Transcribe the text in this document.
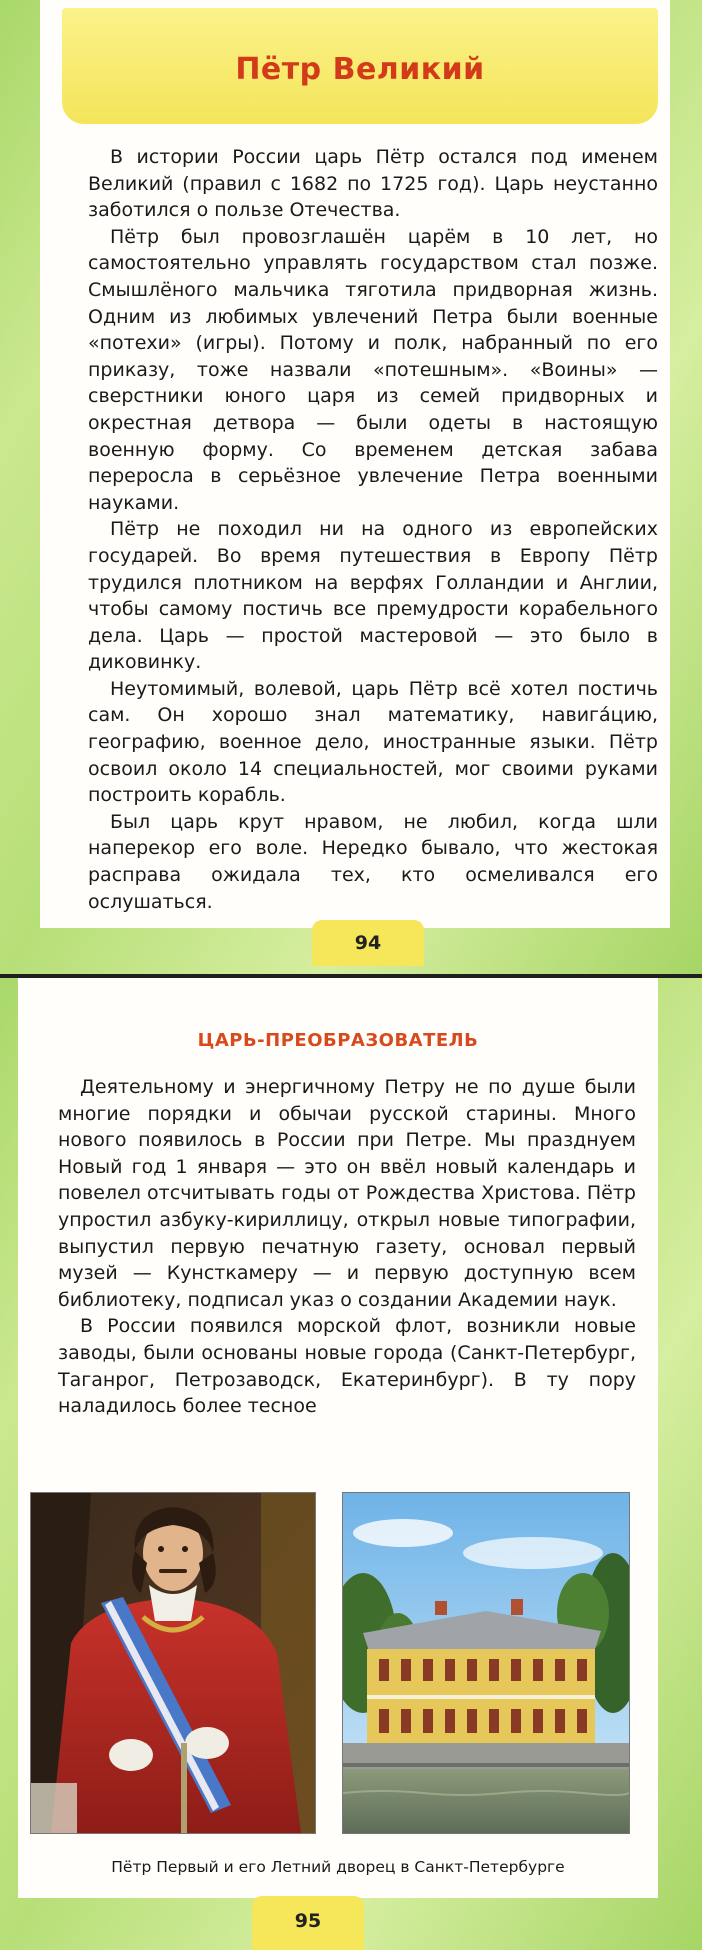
Пётр Великий

В истории России царь Пётр остался под именем Великий (правил с 1682 по 1725 год). Царь неустанно заботился о пользе Отечества.

Пётр был провозглашён царём в 10 лет, но самостоятельно управлять государством стал позже. Смышлёного мальчика тяготила придворная жизнь. Одним из любимых увлечений Петра были военные «потехи» (игры). Потому и полк, набранный по его приказу, тоже назвали «потешным». «Воины» — сверстники юного царя из семей придворных и окрестная детвора — были одеты в настоящую военную форму. Со временем детская забава переросла в серьёзное увлечение Петра военными науками.

Пётр не походил ни на одного из европейских государей. Во время путешествия в Европу Пётр трудился плотником на верфях Голландии и Англии, чтобы самому постичь все премудрости корабельного дела. Царь — простой мастеровой — это было в диковинку.

Неутомимый, волевой, царь Пётр всё хотел постичь сам. Он хорошо знал математику, навигáцию, географию, военное дело, иностранные языки. Пётр освоил около 14 специальностей, мог своими руками построить корабль.

Был царь крут нравом, не любил, когда шли наперекор его воле. Нередко бывало, что жестокая расправа ожидала тех, кто осмеливался его ослушаться.

94
ЦАРЬ-ПРЕОБРАЗОВАТЕЛЬ
Пётр Первый и его Летний дворец в Санкт-Петербурге

Деятельному и энергичному Петру не по душе были многие порядки и обычаи русской старины. Много нового появилось в России при Петре. Мы празднуем Новый год 1 января — это он ввёл новый календарь и повелел отсчитывать годы от Рождества Христова. Пётр упростил азбуку-кириллицу, открыл новые типографии, выпустил первую печатную газету, основал первый музей — Кунсткамеру — и первую доступную всем библиотеку, подписал указ о создании Академии наук.

В России появился морской флот, возникли новые заводы, были основаны новые города (Санкт-Петербург, Таганрог, Петрозаводск, Екатеринбург). В ту пору наладилось более тесное

95
